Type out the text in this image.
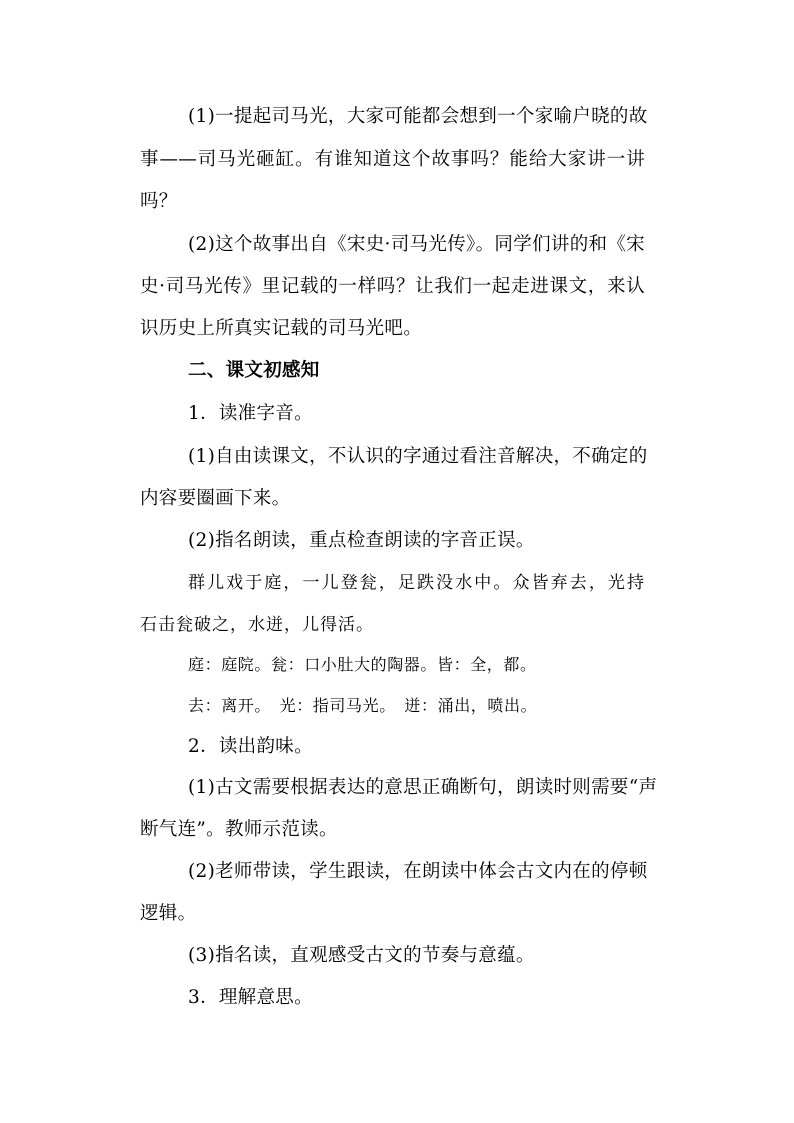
(1)一提起司马光，大家可能都会想到一个家喻户晓的故
事——司马光砸缸。有谁知道这个故事吗？能给大家讲一讲
吗？
(2)这个故事出自《宋史·司马光传》。同学们讲的和《宋
史·司马光传》里记载的一样吗？让我们一起走进课文，来认
识历史上所真实记载的司马光吧。
二、课文初感知
1．读准字音。
(1)自由读课文，不认识的字通过看注音解决，不确定的
内容要圈画下来。
(2)指名朗读，重点检查朗读的字音正误。
群儿戏于庭，一儿登瓮，足跌没水中。众皆弃去，光持
石击瓮破之，水迸，儿得活。
庭：庭院。瓮：口小肚大的陶器。皆：全，都。
去：离开。　光：指司马光。　迸：涌出，喷出。
2．读出韵味。
(1)古文需要根据表达的意思正确断句，朗读时则需要“声
断气连”。教师示范读。
(2)老师带读，学生跟读，在朗读中体会古文内在的停顿
逻辑。
(3)指名读，直观感受古文的节奏与意蕴。
3．理解意思。
